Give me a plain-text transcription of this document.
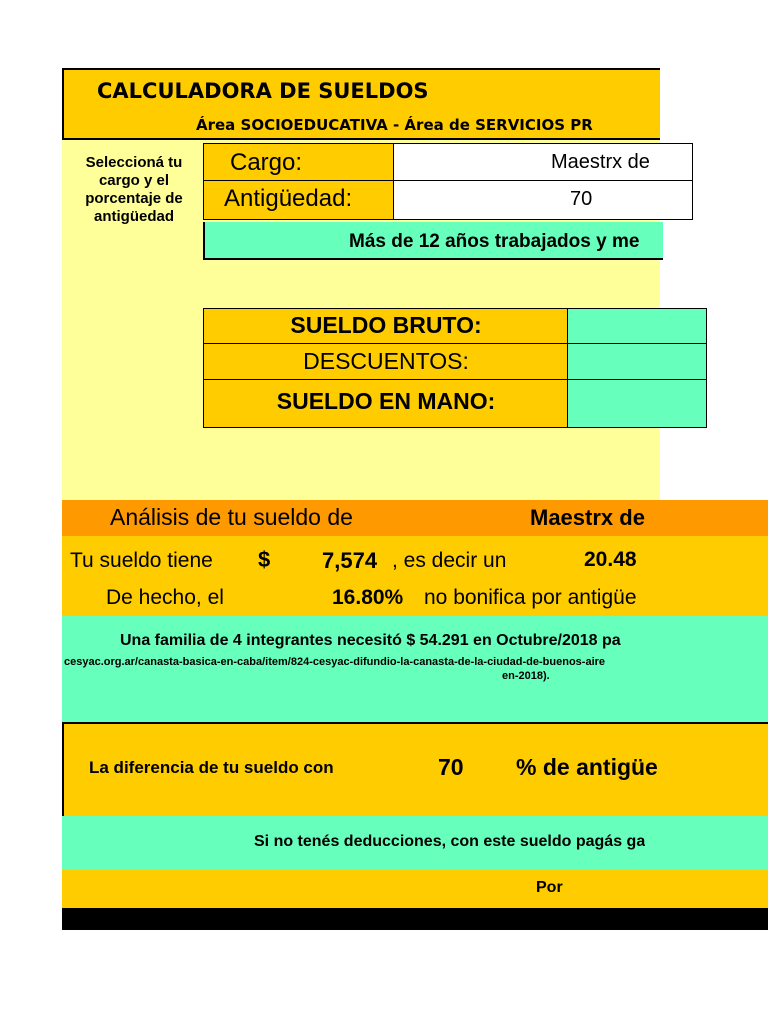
CALCULADORA DE SUELDOS
Área SOCIOEDUCATIVA - Área de SERVICIOS PR
Seleccioná tu cargo y el porcentaje de antigüedad
Cargo:	Maestrx de
Antigüedad:	70
Más de 12 años trabajados y me
SUELDO BRUTO:
DESCUENTOS:
SUELDO EN MANO:
Análisis de tu sueldo de	Maestrx de
Tu sueldo tiene $ 7,574 , es decir un	20.48
De hecho, el	16.80% no bonifica por antigüe
Una familia de 4 integrantes necesitó $ 54.291 en Octubre/2018 pa
cesyac.org.ar/canasta-basica-en-caba/item/824-cesyac-difundio-la-canasta-de-la-ciudad-de-buenos-aire
en-2018).
La diferencia de tu sueldo con	70 % de antigüe
Si no tenés deducciones, con este sueldo pagás ga
Por
